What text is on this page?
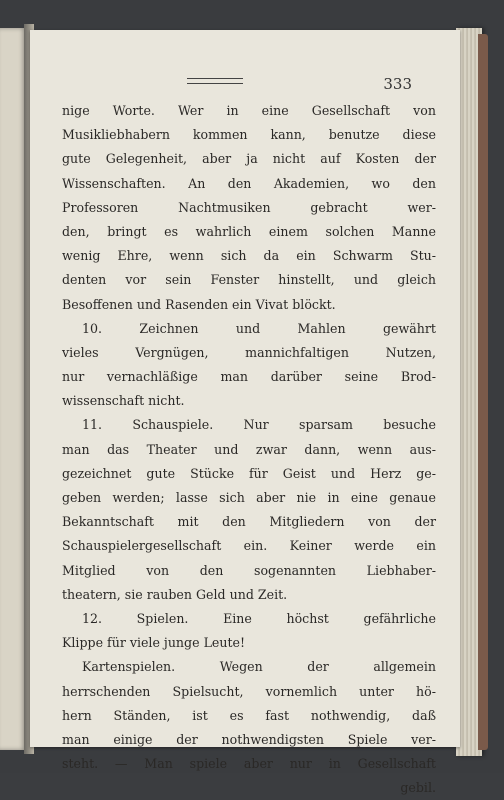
333
nige Worte. Wer in eine Gesellschaft von
Musikliebhabern kommen kann, benutze diese
gute Gelegenheit, aber ja nicht auf Kosten der
Wissenschaften. An den Akademien, wo den
Professoren Nachtmusiken gebracht wer-
den, bringt es wahrlich einem solchen Manne
wenig Ehre, wenn sich da ein Schwarm Stu-
denten vor sein Fenster hinstellt, und gleich
Besoffenen und Rasenden ein Vivat blöckt.
10. Zeichnen und Mahlen gewährt
vieles Vergnügen, mannichfaltigen Nutzen,
nur vernachläßige man darüber seine Brod-
wissenschaft nicht.
11. Schauspiele. Nur sparsam besuche
man das Theater und zwar dann, wenn aus-
gezeichnet gute Stücke für Geist und Herz ge-
geben werden; lasse sich aber nie in eine genaue
Bekanntschaft mit den Mitgliedern von der
Schauspielergesellschaft ein. Keiner werde ein
Mitglied von den sogenannten Liebhaber-
theatern, sie rauben Geld und Zeit.
12. Spielen. Eine höchst gefährliche
Klippe für viele junge Leute!
Kartenspielen. Wegen der allgemein
herrschenden Spielsucht, vornemlich unter hö-
hern Ständen, ist es fast nothwendig, daß
man einige der nothwendigsten Spiele ver-
steht. — Man spiele aber nur in Gesellschaft
gebil.
